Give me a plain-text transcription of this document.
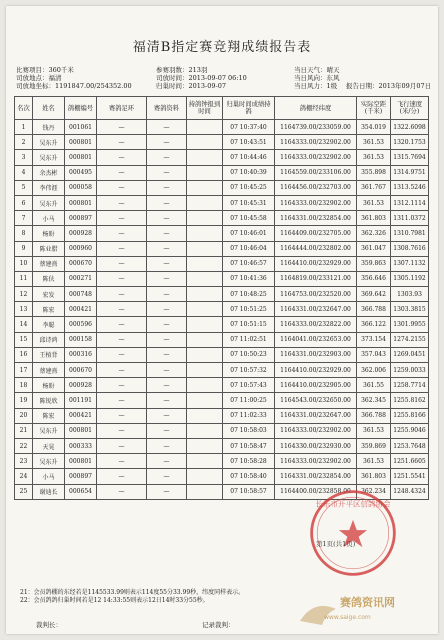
福清B指定赛竞翔成绩报告表
比赛项目：360千米
司放地点：福清
司放地坐标：1191847.00/254352.00
参赛羽数：213羽
司放时间：2013-09-07 06:10
归巢时间：2013-09-07
当日天气：晴天
当日风向：东风
当日风力：1级 报告日期：2013年09月07日
名次	姓名	鸽棚编号	赛鸽足环	赛鸽资料	持鸽钟报到时间	归巢时间成绩持鸽	鸽棚经纬度	实际空距(千米)	飞行速度(米/分)
1	钱丹	001061	—	—		07 10:37:40	1164739.00/233059.00	354.019	1322.6098
2	吴东升	000801	—	—		07 10:43:51	1164333.00/232902.00	361.53	1320.1753
3	吴东升	000801	—	—		07 10:44:46	1164333.00/232902.00	361.53	1315.7694
4	余杰彬	000495	—	—		07 10:40:39	1164559.00/233106.00	355.898	1314.9751
5	李伟涯	000058	—	—		07 10:45:25	1164456.00/232703.00	361.767	1313.5246
6	吴东升	000801	—	—		07 10:45:31	1164333.00/232902.00	361.53	1312.1114
7	小马	000897	—	—		07 10:45:58	1164331.00/232854.00	361.803	1311.0372
8	杨盼	000928	—	—		07 10:46:01	1164409.00/232705.00	362.326	1310.7981
9	陈业腊	000960	—	—		07 10:46:04	1164444.00/232802.00	361.047	1308.7616
10	蔡建熹	000670	—	—		07 10:46:57	1164410.00/232929.00	359.863	1307.1132
11	陈伕	000271	—	—		07 10:41:36	1164819.00/233121.00	356.646	1305.1192
12	宏发	000748	—	—		07 10:48:25	1164753.00/232520.00	369.642	1303.93
13	陈宏	000421	—	—		07 10:51:25	1164331.00/232647.00	366.788	1303.3815
14	李聪	000596	—	—		07 10:51:15	1164333.00/232822.00	366.122	1301.9955
15	邱诗鸿	000158	—	—		07 11:02:51	1164041.00/232653.00	373.154	1274.2155
16	王植背	000316	—	—		07 10:50:23	1164331.00/232903.00	357.043	1269.0451
17	蔡建熹	000670	—	—		07 10:57:32	1164410.00/232929.00	362.006	1259.0033
18	杨盼	000928	—	—		07 10:57:43	1164410.00/232905.00	361.55	1258.7714
19	陈锐欣	001191	—	—		07 11:00:25	1164543.00/232650.00	362.345	1255.8162
20	陈宏	000421	—	—		07 11:02:33	1164331.00/232647.00	366.788	1255.8166
21	吴东升	000801	—	—		07 10:58:03	1164333.00/232902.00	361.53	1255.9046
22	天晃	000333	—	—		07 10:58:47	1164330.00/232930.00	359.869	1253.7648
23	吴东升	000801	—	—		07 10:58:28	1164333.00/232902.00	361.53	1251.6605
24	小马	000897	—	—		07 10:58:40	1164331.00/232854.00	361.803	1251.5541
25	谢迪长	000654	—	—		07 10:58:57	1164400.00/232858.00	362.234	1248.4324
21：会员鸽棚的东经若是1145533.99则表示114度55分33.99秒，纬度同样表示。
22：会员鸽鸽归巢时间若是12 14:33:55则表示12日14时33分55秒。
裁判长：	记录裁判：
长乐市开平区信鸽协会
第1页(共1页)
赛鸽资讯网
www.saige.com
